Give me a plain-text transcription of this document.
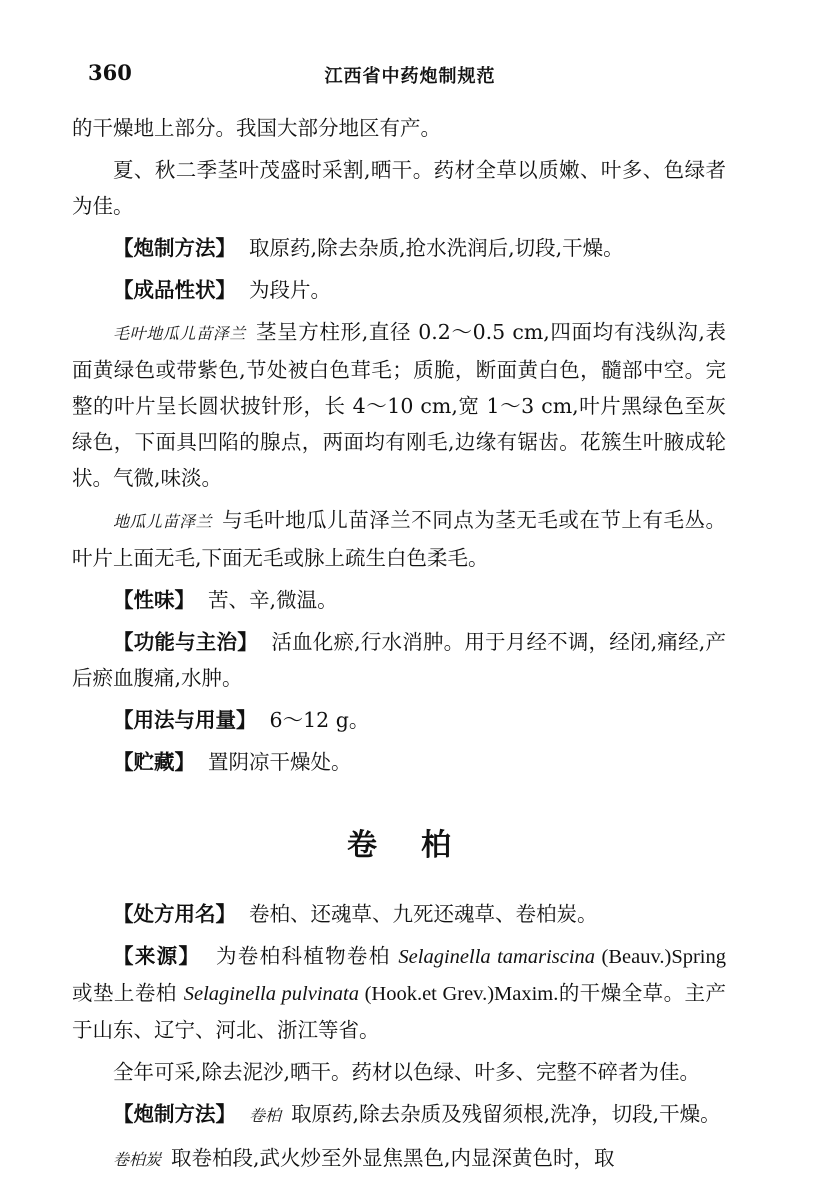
360	江西省中药炮制规范

的干燥地上部分。我国大部分地区有产。

夏、秋二季茎叶茂盛时采割,晒干。药材全草以质嫩、叶多、色绿者为佳。

【炮制方法】 取原药,除去杂质,抢水洗润后,切段,干燥。

【成品性状】 为段片。

毛叶地瓜儿苗泽兰 茎呈方柱形,直径 0.2～0.5 cm,四面均有浅纵沟,表面黄绿色或带紫色,节处被白色茸毛；质脆，断面黄白色，髓部中空。完整的叶片呈长圆状披针形，长 4～10 cm,宽 1～3 cm,叶片黑绿色至灰绿色，下面具凹陷的腺点，两面均有刚毛,边缘有锯齿。花簇生叶腋成轮状。气微,味淡。

地瓜儿苗泽兰 与毛叶地瓜儿苗泽兰不同点为茎无毛或在节上有毛丛。叶片上面无毛,下面无毛或脉上疏生白色柔毛。

【性味】 苦、辛,微温。

【功能与主治】 活血化瘀,行水消肿。用于月经不调，经闭,痛经,产后瘀血腹痛,水肿。

【用法与用量】 6～12 g。

【贮藏】 置阴凉干燥处。

卷柏

【处方用名】 卷柏、还魂草、九死还魂草、卷柏炭。

【来源】 为卷柏科植物卷柏 Selaginella tamariscina (Beauv.)Spring 或垫上卷柏 Selaginella pulvinata (Hook.et Grev.)Maxim.的干燥全草。主产于山东、辽宁、河北、浙江等省。

全年可采,除去泥沙,晒干。药材以色绿、叶多、完整不碎者为佳。

【炮制方法】 卷柏 取原药,除去杂质及残留须根,洗净，切段,干燥。

卷柏炭 取卷柏段,武火炒至外显焦黑色,内显深黄色时，取
